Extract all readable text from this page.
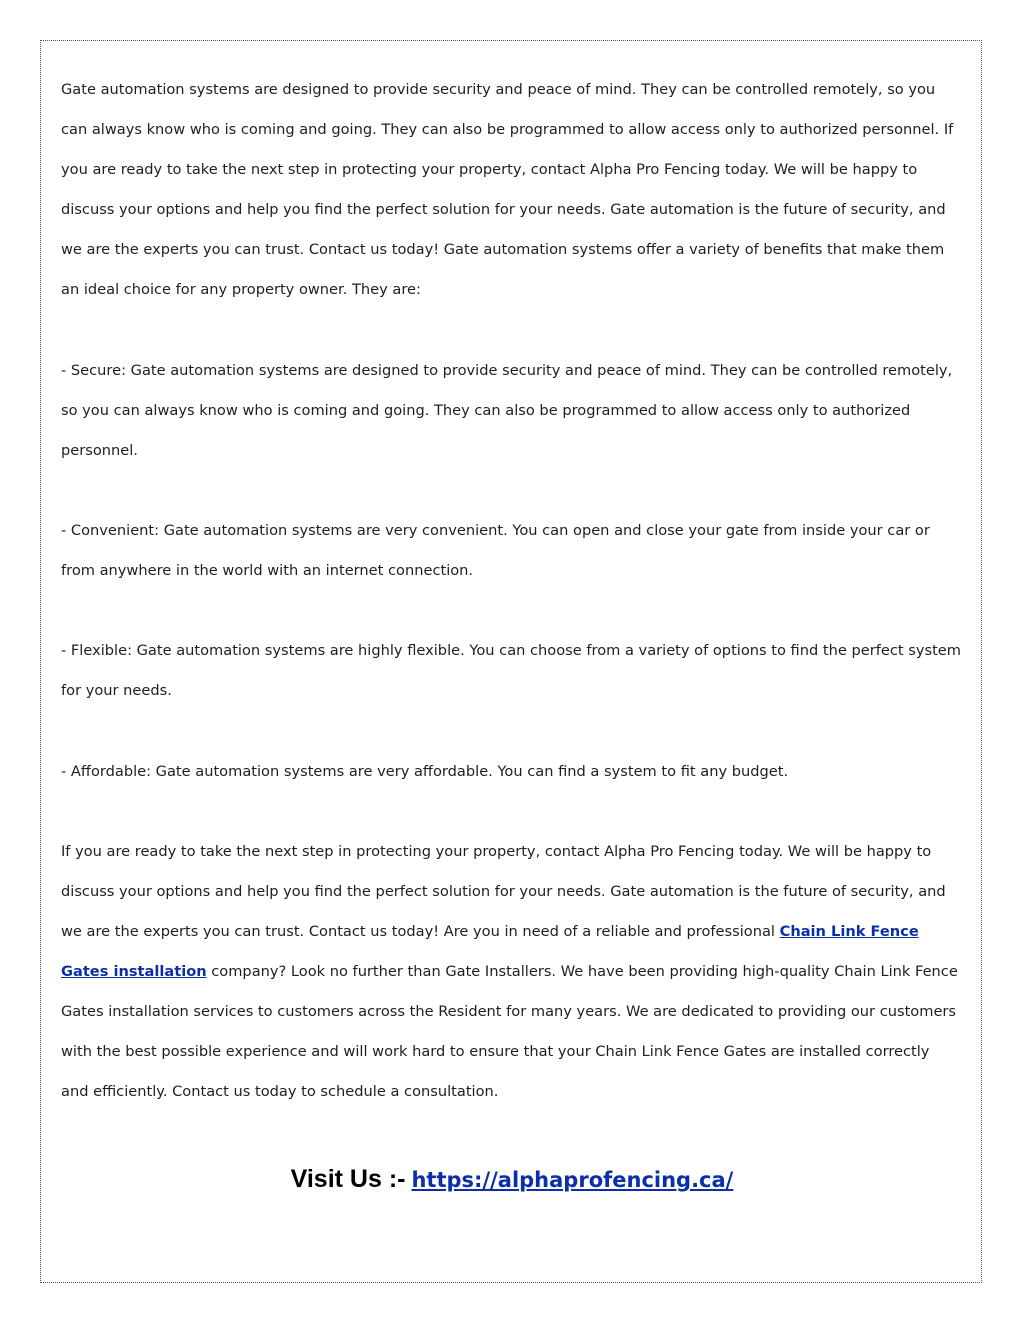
Gate automation systems are designed to provide security and peace of mind. They can be controlled remotely, so you can always know who is coming and going. They can also be programmed to allow access only to authorized personnel. If you are ready to take the next step in protecting your property, contact Alpha Pro Fencing today. We will be happy to discuss your options and help you find the perfect solution for your needs. Gate automation is the future of security, and we are the experts you can trust. Contact us today! Gate automation systems offer a variety of benefits that make them an ideal choice for any property owner. They are:

- Secure: Gate automation systems are designed to provide security and peace of mind. They can be controlled remotely, so you can always know who is coming and going. They can also be programmed to allow access only to authorized personnel.

- Convenient: Gate automation systems are very convenient. You can open and close your gate from inside your car or from anywhere in the world with an internet connection.

- Flexible: Gate automation systems are highly flexible. You can choose from a variety of options to find the perfect system for your needs.

- Affordable: Gate automation systems are very affordable. You can find a system to fit any budget.

If you are ready to take the next step in protecting your property, contact Alpha Pro Fencing today. We will be happy to discuss your options and help you find the perfect solution for your needs. Gate automation is the future of security, and we are the experts you can trust. Contact us today! Are you in need of a reliable and professional Chain Link Fence Gates installation company? Look no further than Gate Installers. We have been providing high-quality Chain Link Fence Gates installation services to customers across the Resident for many years. We are dedicated to providing our customers with the best possible experience and will work hard to ensure that your Chain Link Fence Gates are installed correctly and efficiently. Contact us today to schedule a consultation.

Visit Us :- https://alphaprofencing.ca/
